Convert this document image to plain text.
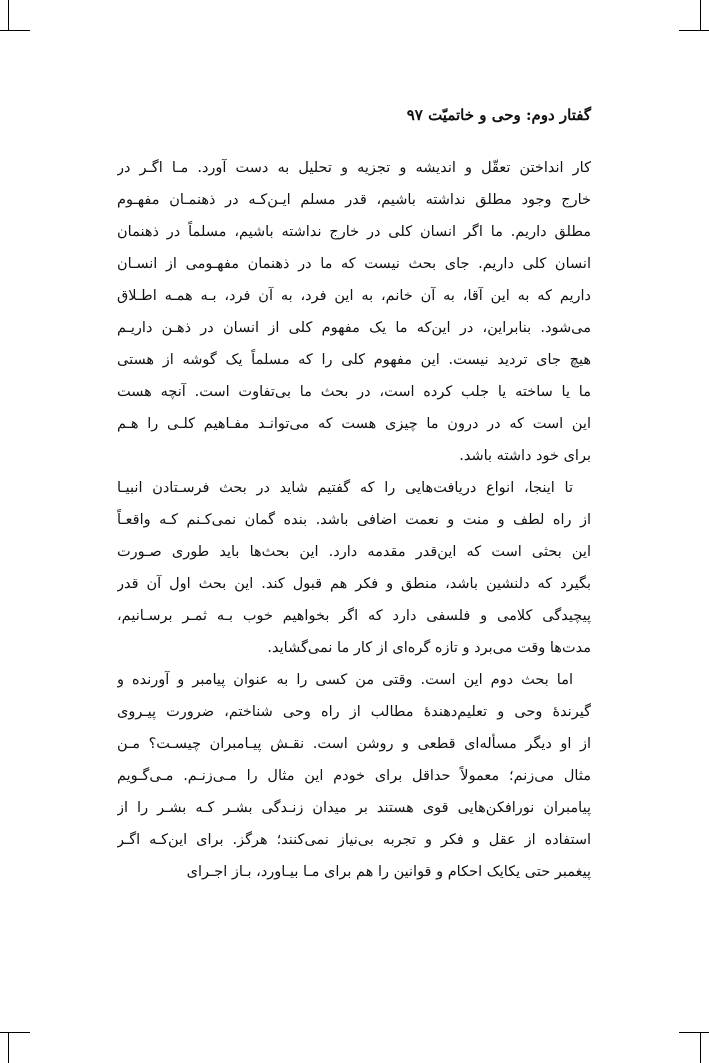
گفتار دوم: وحی و خاتمیّت ۹۷
کار انداختن تعقّل و اندیشه و تجزیه و تحلیل به دست آورد. مـا اگـر در
خارج وجود مطلق نداشته باشیم، قدر مسلم ایـن‌کـه در ذهنمـان مفهـوم
مطلق داریم. ما اگر انسان کلی در خارج نداشته باشیم، مسلماً در ذهنمان
انسان کلی داریم. جای بحث نیست که ما در ذهنمان مفهـومی از انسـان
داریم که به این آقا، به آن خانم، به این فرد، به آن فرد، بـه همـه اطـلاق
می‌شود. بنابراین، در این‌که ما یک مفهوم کلی از انسان در ذهـن داریـم
هیچ جای تردید نیست. این مفهوم کلی را که مسلماً یک گوشه از هستی
ما یا ساخته یا جلب کرده است، در بحث ما بی‌تفاوت است. آنچه هست
این است که در درون ما چیزی هست که می‌توانـد مفـاهیم کلـی را هـم
برای خود داشته باشد.
تا اینجا، انواع دریافت‌هایی را که گفتیم شاید در بحث فرسـتادن انبیـا
از راه لطف و منت و نعمت اضافی باشد. بنده گمان نمی‌کـنم کـه واقعـاً
این بحثی است که این‌قدر مقدمه دارد. این بحث‌ها باید طوری صـورت
بگیرد که دلنشین باشد، منطق و فکر هم قبول کند. این بحث اول آن قدر
پیچیدگی کلامی و فلسفی دارد که اگر بخواهیم خوب بـه ثمـر برسـانیم،
مدت‌ها وقت می‌برد و تازه گره‌ای از کار ما نمی‌گشاید.
اما بحث دوم این است. وقتی من کسی را به عنوان پیامبر و آورنده و
گیرندهٔ وحی و تعلیم‌دهندهٔ مطالب از راه وحی شناختم، ضرورت پیـروی
از او دیگر مسأله‌ای قطعی و روشن است. نقـش پیـامبران چیسـت؟ مـن
مثال می‌زنم؛ معمولاً حداقل برای خودم این مثال را مـی‌زنـم. مـی‌گـویم
پیامبران نورافکن‌هایی قوی هستند بر میدان زنـدگی بشـر کـه بشـر را از
استفاده از عقل و فکر و تجربه بی‌نیاز نمی‌کنند؛ هرگز. برای این‌کـه اگـر
پیغمبر حتی یکایک احکام و قوانین را هم برای مـا بیـاورد، بـاز اجـرای
